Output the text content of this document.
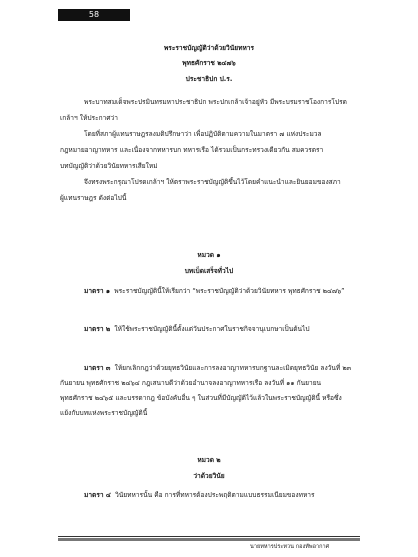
58
พระราชบัญญัติว่าด้วยวินัยทหาร
พุทธศักราช ๒๔๗๖
ประชาธิปก ป.ร.
พระบาทสมเด็จพระปรมินทรมหาประชาธิปก พระปกเกล้าเจ้าอยู่หัว มีพระบรมราชโองการโปรด
เกล้าฯ ให้ประกาศว่า
โดยที่สภาผู้แทนราษฎรลงมติปรึกษาว่า เพื่อปฏิบัติตามความในมาตรา ๗ แห่งประมวล
กฎหมายอาญาทหาร และเนื่องจากทหารบก ทหารเรือ ได้รวมเป็นกระทรวงเดียวกัน สมควรตรา
บทบัญญัติว่าด้วยวินัยทหารเสียใหม่
จึงทรงพระกรุณาโปรดเกล้าฯ ให้ตราพระราชบัญญัติขึ้นไว้โดยคำแนะนำและยินยอมของสภา
ผู้แทนราษฎร ดังต่อไปนี้
หมวด ๑
บทเบ็ดเสร็จทั่วไป
มาตรา ๑ พระราชบัญญัตินี้ให้เรียกว่า “พระราชบัญญัติว่าด้วยวินัยทหาร พุทธศักราช ๒๔๗๖”
มาตรา ๒ ให้ใช้พระราชบัญญัตินี้ตั้งแต่วันประกาศในราชกิจจานุเบกษาเป็นต้นไป
มาตรา ๓ ให้ยกเลิกกฎว่าด้วยยุทธวินัยและการลงอาญาทหารบกฐานละเมิดยุทธวินัย ลงวันที่ ๒๓
กันยายน พุทธศักราช ๒๔๖๔ กฎเสนาบดีว่าด้วยอำนาจลงอาญาทหารเรือ ลงวันที่ ๑๑ กันยายน
พุทธศักราช ๒๔๖๕ และบรรดากฎ ข้อบังคับอื่น ๆ ในส่วนที่มีบัญญัติไว้แล้วในพระราชบัญญัตินี้ หรือซึ่ง
แย้งกับบทแห่งพระราชบัญญัตินี้
หมวด ๒
ว่าด้วยวินัย
มาตรา ๔ วินัยทหารนั้น คือ การที่ทหารต้องประพฤติตามแบบธรรมเนียมของทหาร
นายทหารประทวน กองทัพอากาศ
